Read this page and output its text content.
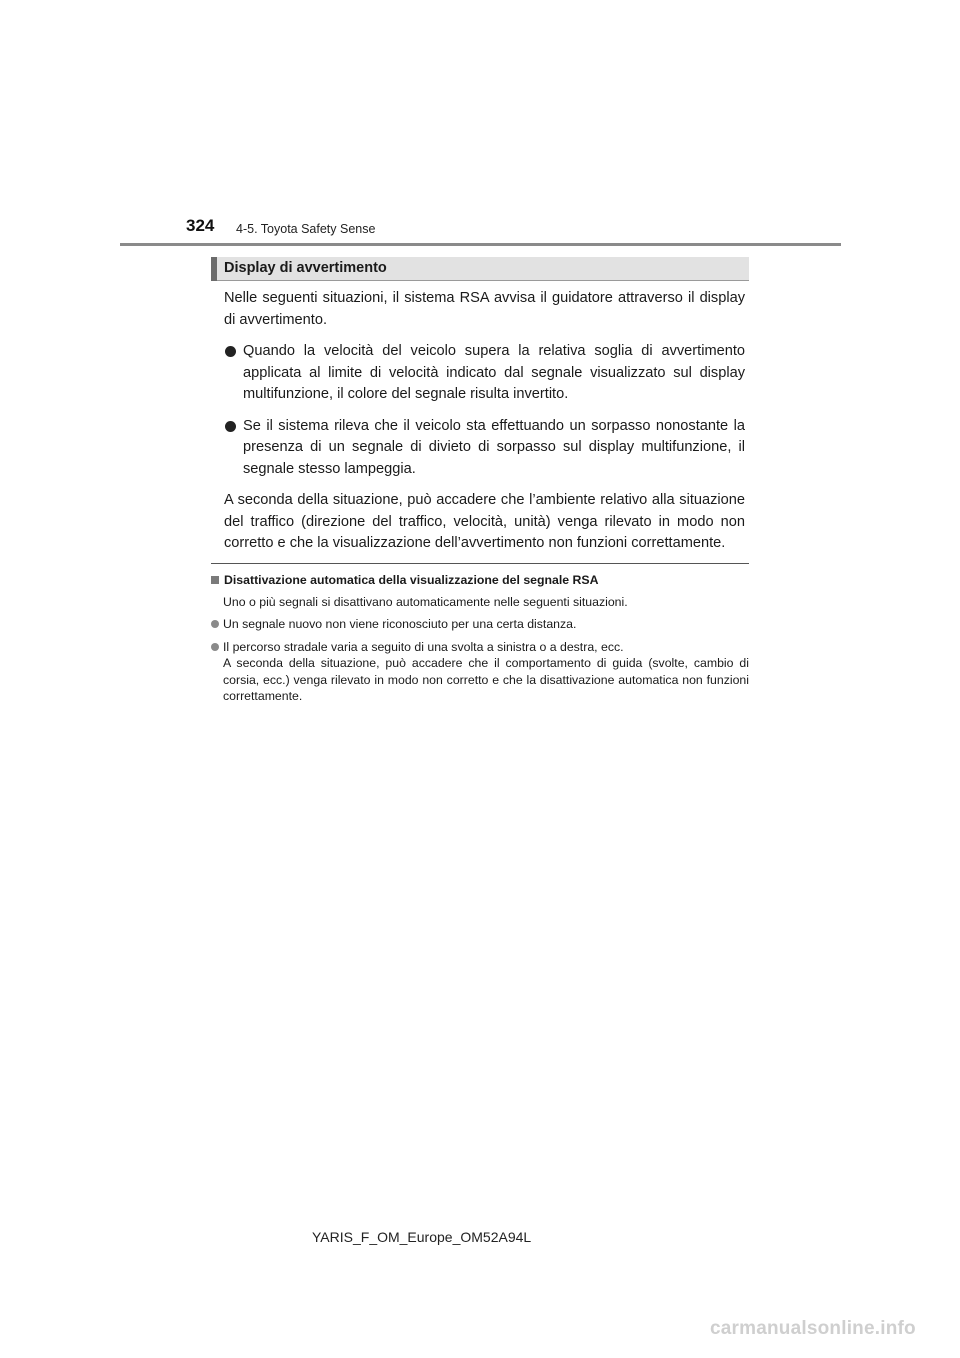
324 4-5. Toyota Safety Sense
Display di avvertimento

Nelle seguenti situazioni, il sistema RSA avvisa il guidatore attraverso il display di avvertimento.

Quando la velocità del veicolo supera la relativa soglia di avvertimento applicata al limite di velocità indicato dal segnale visualizzato sul display multifunzione, il colore del segnale risulta invertito.
Se il sistema rileva che il veicolo sta effettuando un sorpasso nonostante la presenza di un segnale di divieto di sorpasso sul display multifunzione, il segnale stesso lampeggia.

A seconda della situazione, può accadere che l’ambiente relativo alla situazione del traffico (direzione del traffico, velocità, unità) venga rilevato in modo non corretto e che la visualizzazione dell’avvertimento non funzioni correttamente.

Disattivazione automatica della visualizzazione del segnale RSA

Uno o più segnali si disattivano automaticamente nelle seguenti situazioni.

Un segnale nuovo non viene riconosciuto per una certa distanza.
Il percorso stradale varia a seguito di una svolta a sinistra o a destra, ecc.
A seconda della situazione, può accadere che il comportamento di guida (svolte, cambio di corsia, ecc.) venga rilevato in modo non corretto e che la disattivazione automatica non funzioni correttamente.
YARIS_F_OM_Europe_OM52A94L
carmanualsonline.info
